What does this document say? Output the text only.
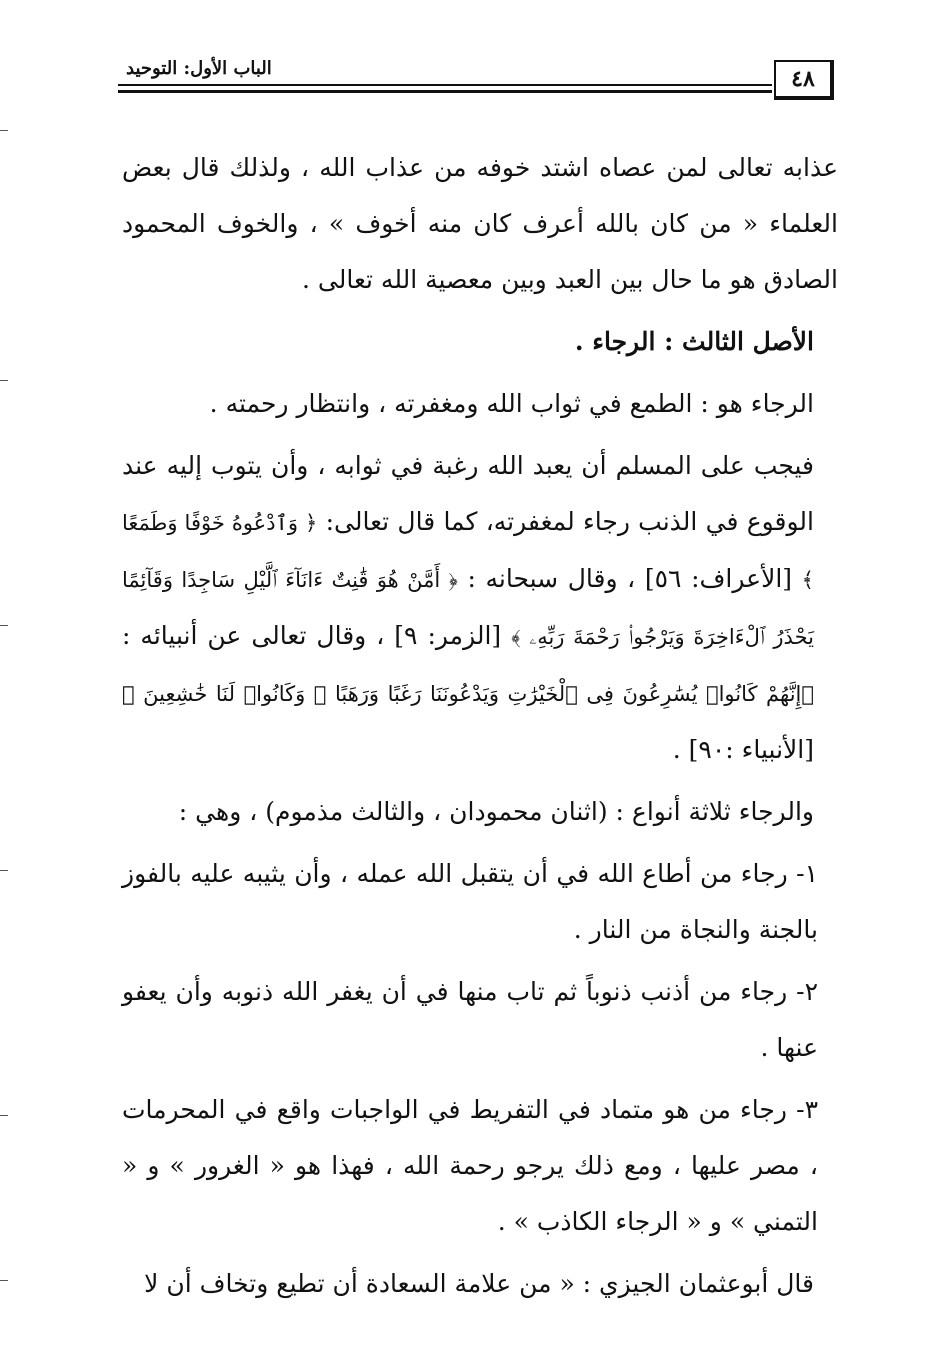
الباب الأول: التوحيد	٤٨

عذابه تعالى لمن عصاه اشتد خوفه من عذاب الله ، ولذلك قال بعض العلماء « من كان بالله أعرف كان منه أخوف » ، والخوف المحمود الصادق هو ما حال بين العبد وبين معصية الله تعالى .

الأصل الثالث : الرجاء .

الرجاء هو : الطمع في ثواب الله ومغفرته ، وانتظار رحمته .

فيجب على المسلم أن يعبد الله رغبة في ثوابه ، وأن يتوب إليه عند الوقوع في الذنب رجاء لمغفرته، كما قال تعالى: ﴿ وَٱدْعُوهُ خَوْفًا وَطَمَعًا ﴾ [الأعراف: ٥٦] ، وقال سبحانه : ﴿ أَمَّنْ هُوَ قَٰنِتٌ ءَانَآءَ ٱلَّيْلِ سَاجِدًا وَقَآئِمًا يَحْذَرُ ٱلْءَاخِرَةَ وَيَرْجُوا۟ رَحْمَةَ رَبِّهِۦ ﴾ [الزمر: ٩] ، وقال تعالى عن أنبيائه : ﴿إِنَّهُمْ كَانُوا۟ يُسَٰرِعُونَ فِى ٱلْخَيْرَٰتِ وَيَدْعُونَنَا رَغَبًا وَرَهَبًا ۖ وَكَانُوا۟ لَنَا خَٰشِعِينَ ﴾ [الأنبياء :٩٠] .

والرجاء ثلاثة أنواع : (اثنان محمودان ، والثالث مذموم) ، وهي :

١- رجاء من أطاع الله في أن يتقبل الله عمله ، وأن يثيبه عليه بالفوز بالجنة والنجاة من النار .

٢- رجاء من أذنب ذنوباً ثم تاب منها في أن يغفر الله ذنوبه وأن يعفو عنها .

٣- رجاء من هو متماد في التفريط في الواجبات واقع في المحرمات ، مصر عليها ، ومع ذلك يرجو رحمة الله ، فهذا هو « الغرور » و « التمني » و « الرجاء الكاذب » .

قال أبوعثمان الجيزي : « من علامة السعادة أن تطيع وتخاف أن لا
